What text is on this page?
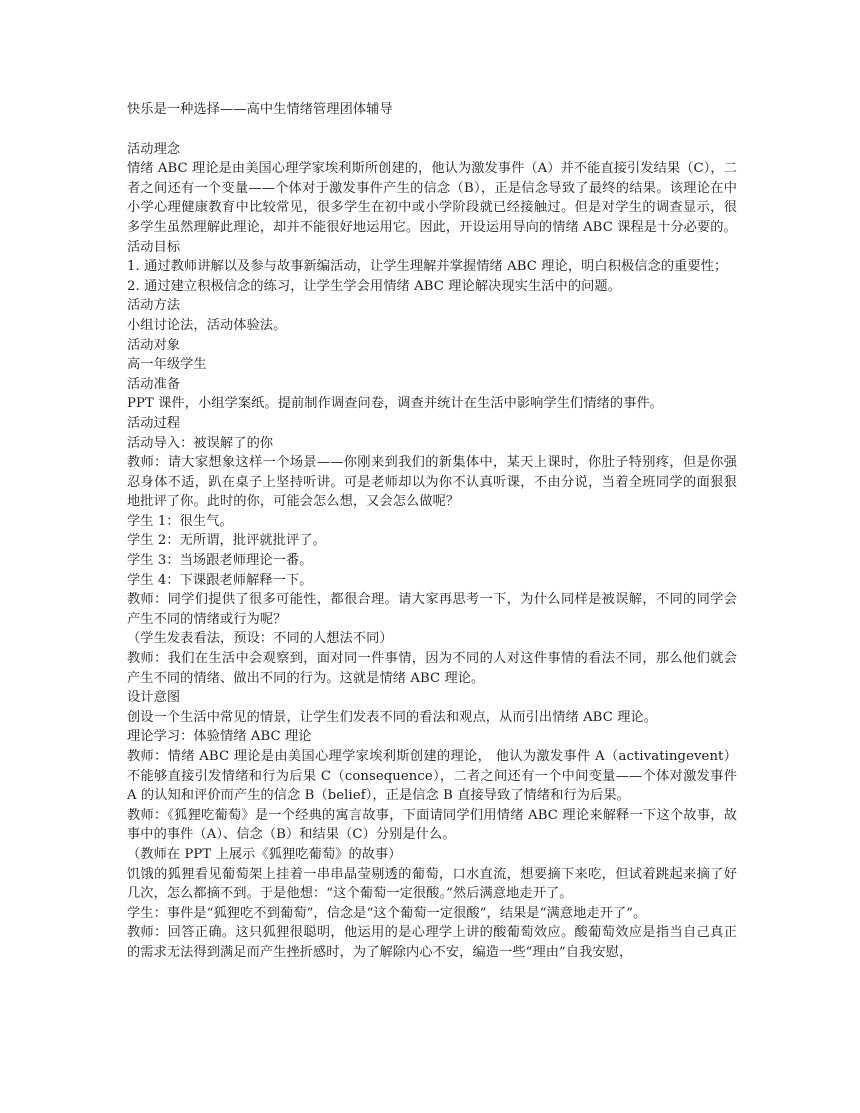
快乐是一种选择——高中生情绪管理团体辅导

活动理念

情绪 ABC 理论是由美国心理学家埃利斯所创建的，他认为激发事件（A）并不能直接引发结果（C），二者之间还有一个变量——个体对于激发事件产生的信念（B），正是信念导致了最终的结果。该理论在中小学心理健康教育中比较常见，很多学生在初中或小学阶段就已经接触过。但是对学生的调查显示，很多学生虽然理解此理论，却并不能很好地运用它。因此，开设运用导向的情绪 ABC 课程是十分必要的。

活动目标

1. 通过教师讲解以及参与故事新编活动，让学生理解并掌握情绪 ABC 理论，明白积极信念的重要性；

2. 通过建立积极信念的练习，让学生学会用情绪 ABC 理论解决现实生活中的问题。

活动方法

小组讨论法，活动体验法。

活动对象

高一年级学生

活动准备

PPT 课件，小组学案纸。提前制作调查问卷，调查并统计在生活中影响学生们情绪的事件。

活动过程

活动导入：被误解了的你

教师：请大家想象这样一个场景——你刚来到我们的新集体中，某天上课时，你肚子特别疼，但是你强忍身体不适，趴在桌子上坚持听讲。可是老师却以为你不认真听课，不由分说，当着全班同学的面狠狠地批评了你。此时的你，可能会怎么想，又会怎么做呢？

学生 1：很生气。

学生 2：无所谓，批评就批评了。

学生 3：当场跟老师理论一番。

学生 4：下课跟老师解释一下。

教师：同学们提供了很多可能性，都很合理。请大家再思考一下，为什么同样是被误解，不同的同学会产生不同的情绪或行为呢？

（学生发表看法，预设：不同的人想法不同）

教师：我们在生活中会观察到，面对同一件事情，因为不同的人对这件事情的看法不同，那么他们就会产生不同的情绪、做出不同的行为。这就是情绪 ABC 理论。

设计意图

创设一个生活中常见的情景，让学生们发表不同的看法和观点，从而引出情绪 ABC 理论。

理论学习：体验情绪 ABC 理论

教师：情绪 ABC 理论是由美国心理学家埃利斯创建的理论， 他认为激发事件 A（activatingevent）不能够直接引发情绪和行为后果 C（consequence），二者之间还有一个中间变量——个体对激发事件 A 的认知和评价而产生的信念 B（belief），正是信念 B 直接导致了情绪和行为后果。

教师：《狐狸吃葡萄》是一个经典的寓言故事，下面请同学们用情绪 ABC 理论来解释一下这个故事，故事中的事件（A）、信念（B）和结果（C）分别是什么。

（教师在 PPT 上展示《狐狸吃葡萄》的故事）

饥饿的狐狸看见葡萄架上挂着一串串晶莹剔透的葡萄，口水直流，想要摘下来吃，但试着跳起来摘了好几次，怎么都摘不到。于是他想：“这个葡萄一定很酸。”然后满意地走开了。

学生：事件是“狐狸吃不到葡萄”，信念是“这个葡萄一定很酸”，结果是“满意地走开了”。

教师：回答正确。这只狐狸很聪明，他运用的是心理学上讲的酸葡萄效应。酸葡萄效应是指当自己真正的需求无法得到满足而产生挫折感时，为了解除内心不安，编造一些“理由”自我安慰，
